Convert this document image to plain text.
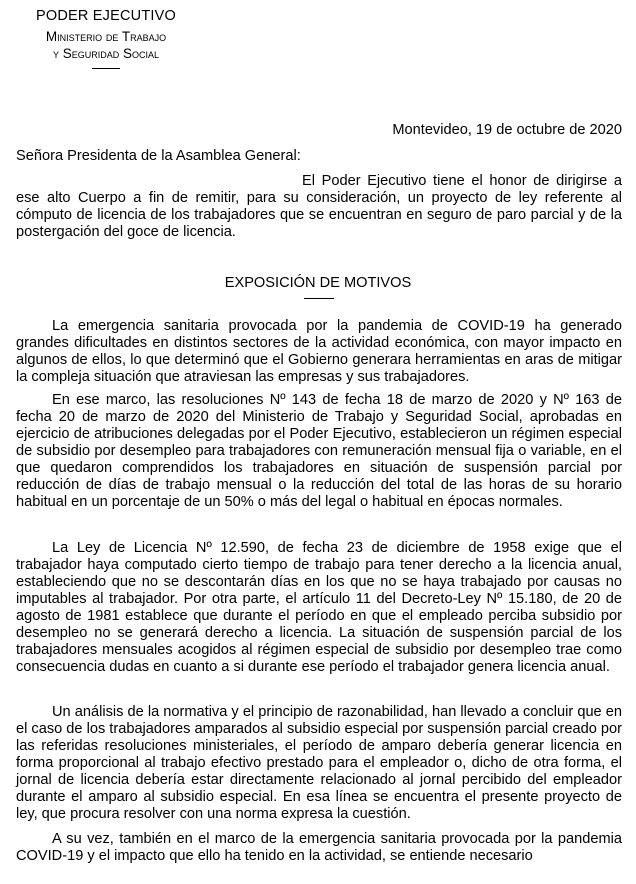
PODER EJECUTIVO
Ministerio de Trabajo
y Seguridad Social
Montevideo, 19 de octubre de 2020
Señora Presidenta de la Asamblea General:

El Poder Ejecutivo tiene el honor de dirigirse a ese alto Cuerpo a fin de remitir, para su consideración, un proyecto de ley referente al cómputo de licencia de los trabajadores que se encuentran en seguro de paro parcial y de la postergación del goce de licencia.

EXPOSICIÓN DE MOTIVOS

La emergencia sanitaria provocada por la pandemia de COVID-19 ha generado grandes dificultades en distintos sectores de la actividad económica, con mayor impacto en algunos de ellos, lo que determinó que el Gobierno generara herramientas en aras de mitigar la compleja situación que atraviesan las empresas y sus trabajadores.

En ese marco, las resoluciones Nº 143 de fecha 18 de marzo de 2020 y Nº 163 de fecha 20 de marzo de 2020 del Ministerio de Trabajo y Seguridad Social, aprobadas en ejercicio de atribuciones delegadas por el Poder Ejecutivo, establecieron un régimen especial de subsidio por desempleo para trabajadores con remuneración mensual fija o variable, en el que quedaron comprendidos los trabajadores en situación de suspensión parcial por reducción de días de trabajo mensual o la reducción del total de las horas de su horario habitual en un porcentaje de un 50% o más del legal o habitual en épocas normales.

La Ley de Licencia Nº 12.590, de fecha 23 de diciembre de 1958 exige que el trabajador haya computado cierto tiempo de trabajo para tener derecho a la licencia anual, estableciendo que no se descontarán días en los que no se haya trabajado por causas no imputables al trabajador. Por otra parte, el artículo 11 del Decreto-Ley Nº 15.180, de 20 de agosto de 1981 establece que durante el período en que el empleado perciba subsidio por desempleo no se generará derecho a licencia. La situación de suspensión parcial de los trabajadores mensuales acogidos al régimen especial de subsidio por desempleo trae como consecuencia dudas en cuanto a si durante ese período el trabajador genera licencia anual.

Un análisis de la normativa y el principio de razonabilidad, han llevado a concluir que en el caso de los trabajadores amparados al subsidio especial por suspensión parcial creado por las referidas resoluciones ministeriales, el período de amparo debería generar licencia en forma proporcional al trabajo efectivo prestado para el empleador o, dicho de otra forma, el jornal de licencia debería estar directamente relacionado al jornal percibido del empleador durante el amparo al subsidio especial. En esa línea se encuentra el presente proyecto de ley, que procura resolver con una norma expresa la cuestión.

A su vez, también en el marco de la emergencia sanitaria provocada por la pandemia COVID-19 y el impacto que ello ha tenido en la actividad, se entiende necesario
